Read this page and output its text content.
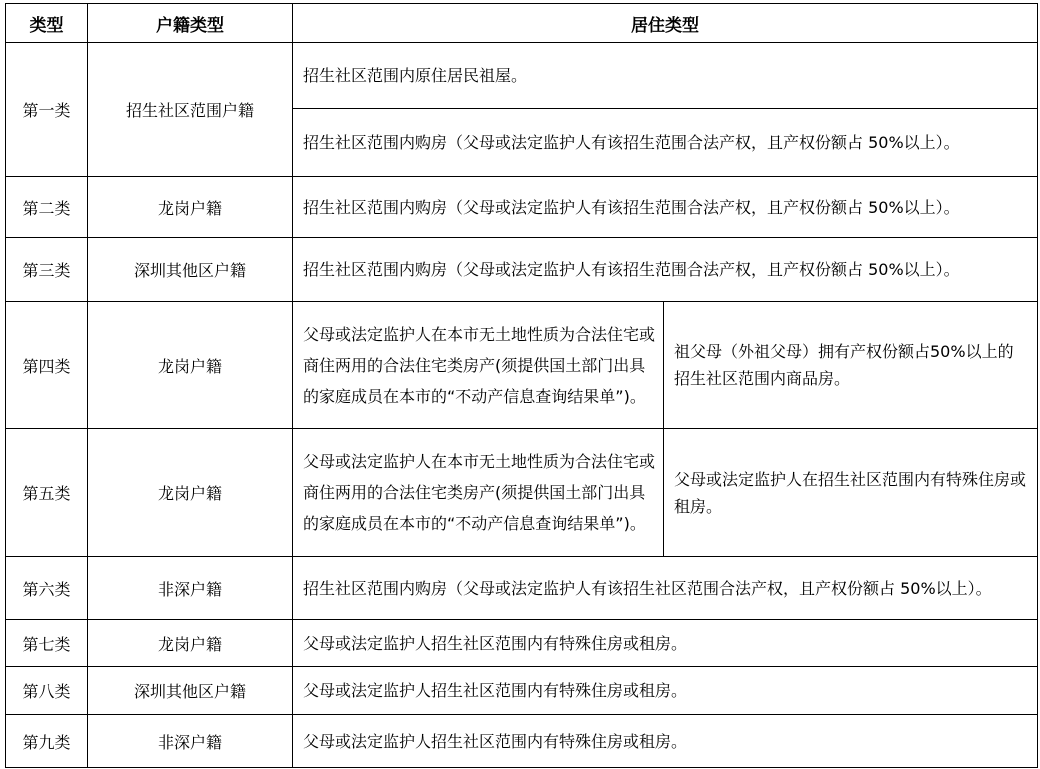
类型	户籍类型	居住类型	
第一类	招生社区范围户籍	招生社区范围内原住居民祖屋。	
		招生社区范围内购房（父母或法定监护人有该招生范围合法产权，且产权份额占 50%以上）。	
第二类	龙岗户籍	招生社区范围内购房（父母或法定监护人有该招生范围合法产权，且产权份额占 50%以上）。	
第三类	深圳其他区户籍	招生社区范围内购房（父母或法定监护人有该招生范围合法产权，且产权份额占 50%以上）。	
第四类	龙岗户籍	父母或法定监护人在本市无土地性质为合法住宅或商住两用的合法住宅类房产(须提供国土部门出具的家庭成员在本市的“不动产信息查询结果单”)。	祖父母（外祖父母）拥有产权份额占50%以上的招生社区范围内商品房。
第五类	龙岗户籍	父母或法定监护人在本市无土地性质为合法住宅或商住两用的合法住宅类房产(须提供国土部门出具的家庭成员在本市的“不动产信息查询结果单”)。	父母或法定监护人在招生社区范围内有特殊住房或租房。
第六类	非深户籍	招生社区范围内购房（父母或法定监护人有该招生社区范围合法产权，且产权份额占 50%以上）。	
第七类	龙岗户籍	父母或法定监护人招生社区范围内有特殊住房或租房。	
第八类	深圳其他区户籍	父母或法定监护人招生社区范围内有特殊住房或租房。	
第九类	非深户籍	父母或法定监护人招生社区范围内有特殊住房或租房。	
